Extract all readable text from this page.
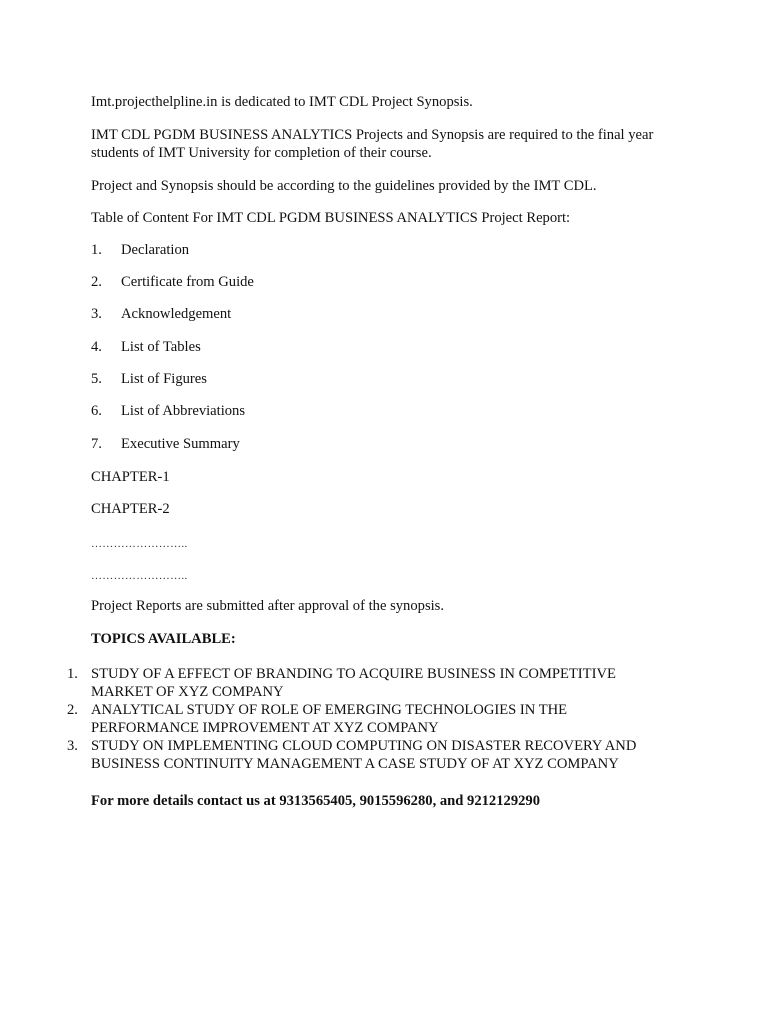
Imt.projecthelpline.in is dedicated to IMT CDL Project Synopsis.
IMT CDL PGDM BUSINESS ANALYTICS Projects and Synopsis are required to the final year students of IMT University for completion of their course.
Project and Synopsis should be according to the guidelines provided by the IMT CDL.
Table of Content For IMT CDL PGDM BUSINESS ANALYTICS Project Report:
1. Declaration
2. Certificate from Guide
3. Acknowledgement
4. List of Tables
5. List of Figures
6. List of Abbreviations
7. Executive Summary
CHAPTER-1
CHAPTER-2
……………………..
……………………..
Project Reports are submitted after approval of the synopsis.
TOPICS AVAILABLE:
1. STUDY OF A EFFECT OF BRANDING TO ACQUIRE BUSINESS IN COMPETITIVE MARKET OF XYZ COMPANY
2. ANALYTICAL STUDY OF ROLE OF EMERGING TECHNOLOGIES IN THE PERFORMANCE IMPROVEMENT AT XYZ COMPANY
3. STUDY ON IMPLEMENTING CLOUD COMPUTING ON DISASTER RECOVERY AND BUSINESS CONTINUITY MANAGEMENT A CASE STUDY OF AT XYZ COMPANY
For more details contact us at 9313565405, 9015596280, and 9212129290
